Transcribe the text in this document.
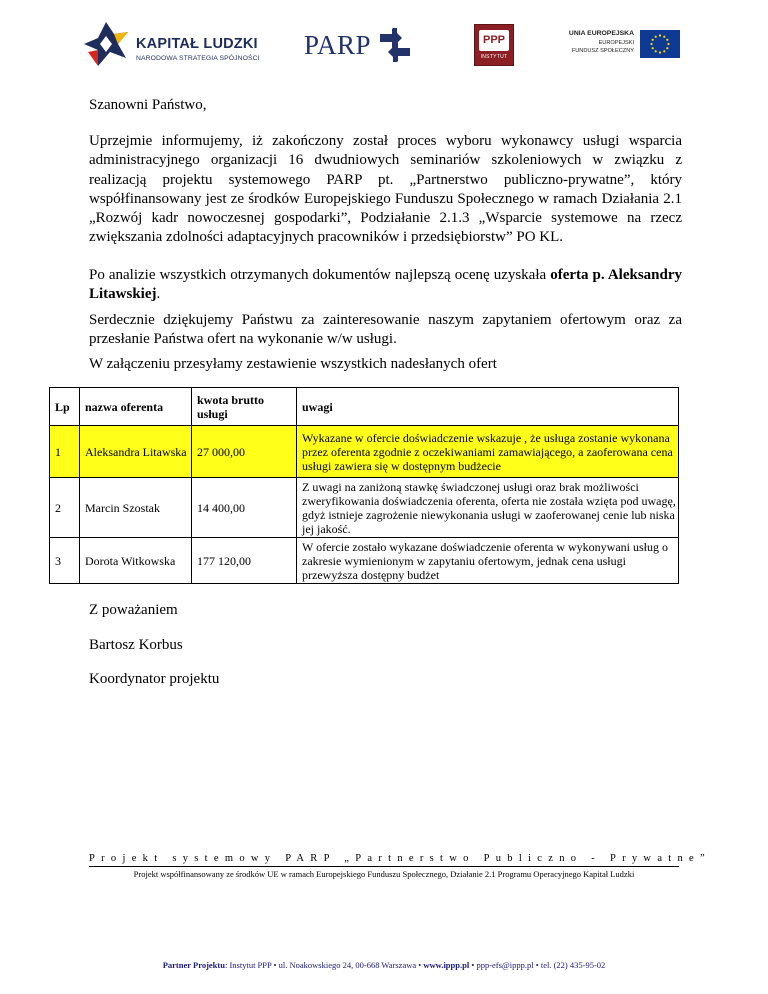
KAPITAŁ LUDZKI
NARODOWA STRATEGIA SPÓJNOŚCI PARP	PPP
INSTYTUT
UNIA EUROPEJSKA
EUROPEJSKI
FUNDUSZ SPOŁECZNY
Szanowni Państwo,
Uprzejmie informujemy, iż zakończony został proces wyboru wykonawcy usługi wsparcia administracyjnego organizacji 16 dwudniowych seminariów szkoleniowych w związku z realizacją projektu systemowego PARP pt. „Partnerstwo publiczno-prywatne”, który współfinansowany jest ze środków Europejskiego Funduszu Społecznego w ramach Działania 2.1 „Rozwój kadr nowoczesnej gospodarki”, Podziałanie 2.1.3 „Wsparcie systemowe na rzecz zwiększania zdolności adaptacyjnych pracowników i przedsiębiorstw” PO KL.
Po analizie wszystkich otrzymanych dokumentów najlepszą ocenę uzyskała oferta p. Aleksandry Litawskiej.
Serdecznie dziękujemy Państwu za zainteresowanie naszym zapytaniem ofertowym oraz za przesłanie Państwa ofert na wykonanie w/w usługi.
W załączeniu przesyłamy zestawienie wszystkich nadesłanych ofert
Lp	nazwa oferenta	kwota brutto usługi	uwagi
1	Aleksandra Litawska	27 000,00	Wykazane w ofercie doświadczenie wskazuje , że usługa zostanie wykonana przez oferenta zgodnie z oczekiwaniami zamawiającego, a zaoferowana cena usługi zawiera się w dostępnym budżecie
2	Marcin Szostak	14 400,00	Z uwagi na zaniżoną stawkę świadczonej usługi oraz brak możliwości zweryfikowania doświadczenia oferenta, oferta nie została wzięta pod uwagę, gdyż istnieje zagrożenie niewykonania usługi w zaoferowanej cenie lub niska jej jakość.
3	Dorota Witkowska	177 120,00	W ofercie zostało wykazane doświadczenie oferenta w wykonywani usług o zakresie wymienionym w zapytaniu ofertowym, jednak cena usługi przewyższa dostępny budżet
Z poważaniem
Bartosz Korbus
Koordynator projektu
Projekt systemowy PARP „Partnerstwo Publiczno - Prywatne”
Projekt współfinansowany ze środków UE w ramach Europejskiego Funduszu Społecznego, Działanie 2.1 Programu Operacyjnego Kapitał Ludzki
Partner Projektu: Instytut PPP • ul. Noakowskiego 24, 00-668 Warszawa • www.ippp.pl • ppp-efs@ippp.pl • tel. (22) 435-95-02
